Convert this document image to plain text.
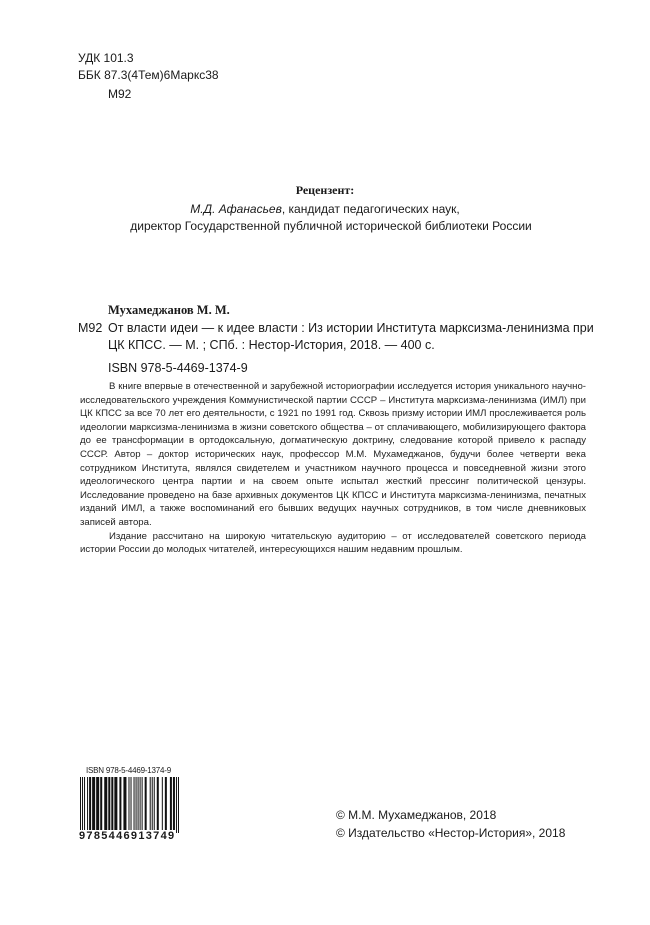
УДК 101.3
ББК 87.3(4Тем)6Маркс38
М92
Рецензент:
М.Д. Афанасьев, кандидат педагогических наук,
директор Государственной публичной исторической библиотеки России
Мухамеджанов М. М.
М92 От власти идеи — к идее власти : Из истории Института марксизма-ленинизма при
ЦК КПСС. — М. ; СПб. : Нестор-История, 2018. — 400 с.
ISBN 978-5-4469-1374-9

В книге впервые в отечественной и зарубежной историографии исследуется история уникального научно-исследовательского учреждения Коммунистической партии СССР – Института марксизма-ленинизма (ИМЛ) при ЦК КПСС за все 70 лет его деятельности, с 1921 по 1991 год. Сквозь призму истории ИМЛ прослеживается роль идеологии марксизма-ленинизма в жизни советского общества – от сплачивающего, мобилизирующего фактора до ее трансформации в ортодоксальную, догматическую доктрину, следование которой привело к распаду СССР. Автор – доктор исторических наук, профессор М.М. Мухамеджанов, будучи более четверти века сотрудником Института, являлся свидетелем и участником научного процесса и повседневной жизни этого идеологического центра партии и на своем опыте испытал жесткий прессинг политической цензуры. Исследование проведено на базе архивных документов ЦК КПСС и Института марксизма-ленинизма, печатных изданий ИМЛ, а также воспоминаний его бывших ведущих научных сотрудников, в том числе дневниковых записей автора.

Издание рассчитано на широкую читательскую аудиторию – от исследователей советского периода истории России до молодых читателей, интересующихся нашим недавним прошлым.

ISBN 978-5-4469-1374-9
9785446913749
© М.М. Мухамеджанов, 2018
© Издательство «Нестор-История», 2018
